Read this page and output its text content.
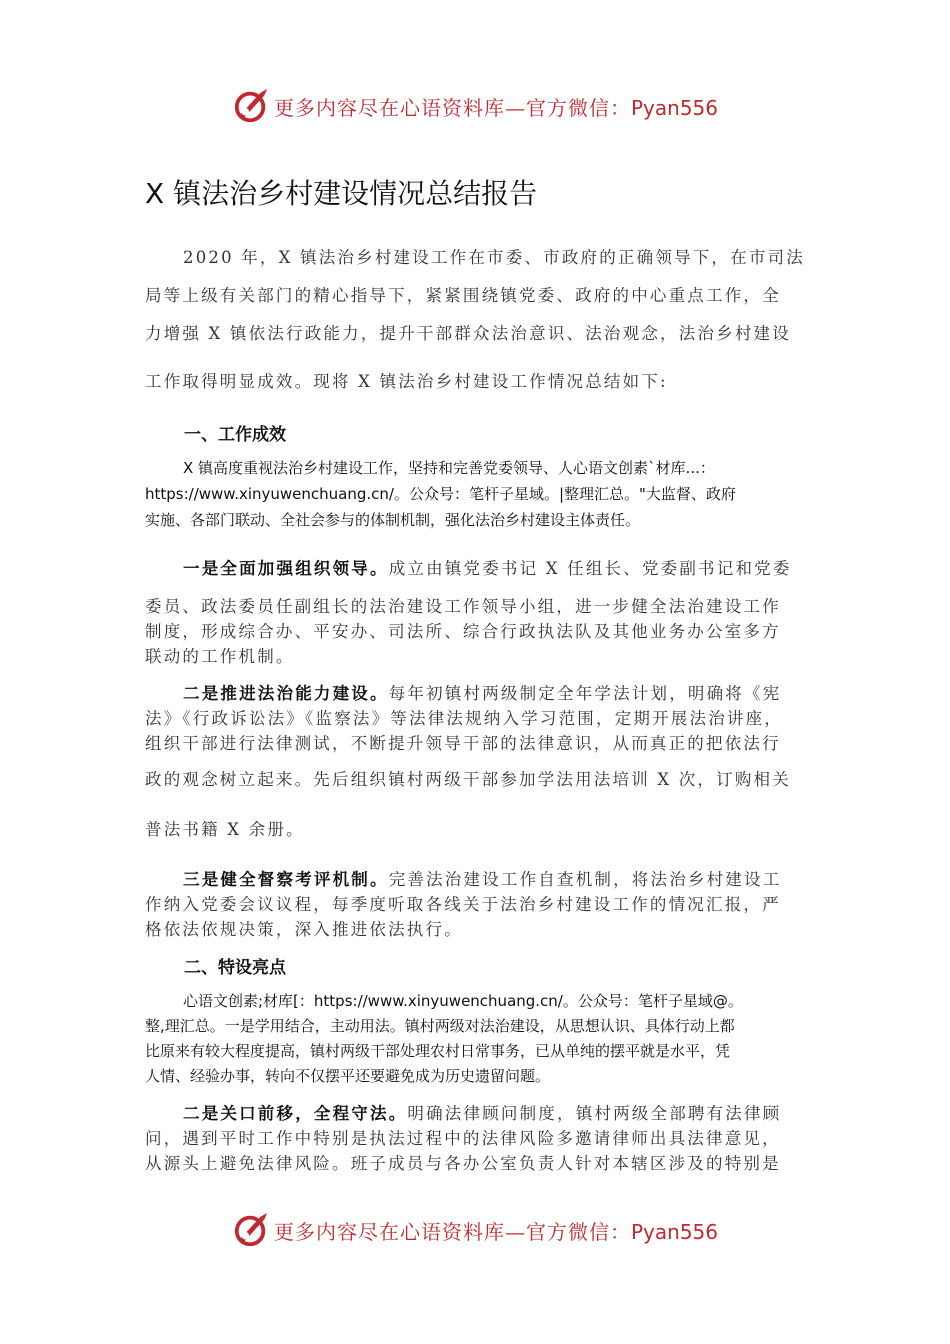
更多内容尽在心语资料库—官方微信：Pyan556
X 镇法治乡村建设情况总结报告
2020 年，X 镇法治乡村建设工作在市委、市政府的正确领导下，在市司法
局等上级有关部门的精心指导下，紧紧围绕镇党委、政府的中心重点工作，全
力增强 X 镇依法行政能力，提升干部群众法治意识、法治观念，法治乡村建设
工作取得明显成效。现将 X 镇法治乡村建设工作情况总结如下:
一、工作成效
X 镇高度重视法治乡村建设工作，坚持和完善党委领导、人心语文创素`材库...：
https://www.xinyuwenchuang.cn/。公众号：笔杆子星域。|整理汇总。"大监督、政府
实施、各部门联动、全社会参与的体制机制，强化法治乡村建设主体责任。
一是全面加强组织领导。成立由镇党委书记 X 任组长、党委副书记和党委
委员、政法委员任副组长的法治建设工作领导小组，进一步健全法治建设工作
制度，形成综合办、平安办、司法所、综合行政执法队及其他业务办公室多方
联动的工作机制。
二是推进法治能力建设。每年初镇村两级制定全年学法计划，明确将《宪
法》《行政诉讼法》《监察法》等法律法规纳入学习范围，定期开展法治讲座，
组织干部进行法律测试，不断提升领导干部的法律意识，从而真正的把依法行
政的观念树立起来。先后组织镇村两级干部参加学法用法培训 X 次，订购相关
普法书籍 X 余册。
三是健全督察考评机制。完善法治建设工作自查机制，将法治乡村建设工
作纳入党委会议议程，每季度听取各线关于法治乡村建设工作的情况汇报，严
格依法依规决策，深入推进依法执行。
二、特设亮点
心语文创素;材库[：https://www.xinyuwenchuang.cn/。公众号：笔杆子星域@。
整,理汇总。一是学用结合，主动用法。镇村两级对法治建设，从思想认识、具体行动上都
比原来有较大程度提高，镇村两级干部处理农村日常事务，已从单纯的摆平就是水平，凭
人情、经验办事，转向不仅摆平还要避免成为历史遗留问题。
二是关口前移，全程守法。明确法律顾问制度，镇村两级全部聘有法律顾
问，遇到平时工作中特别是执法过程中的法律风险多邀请律师出具法律意见，
从源头上避免法律风险。班子成员与各办公室负责人针对本辖区涉及的特别是
更多内容尽在心语资料库—官方微信：Pyan556
